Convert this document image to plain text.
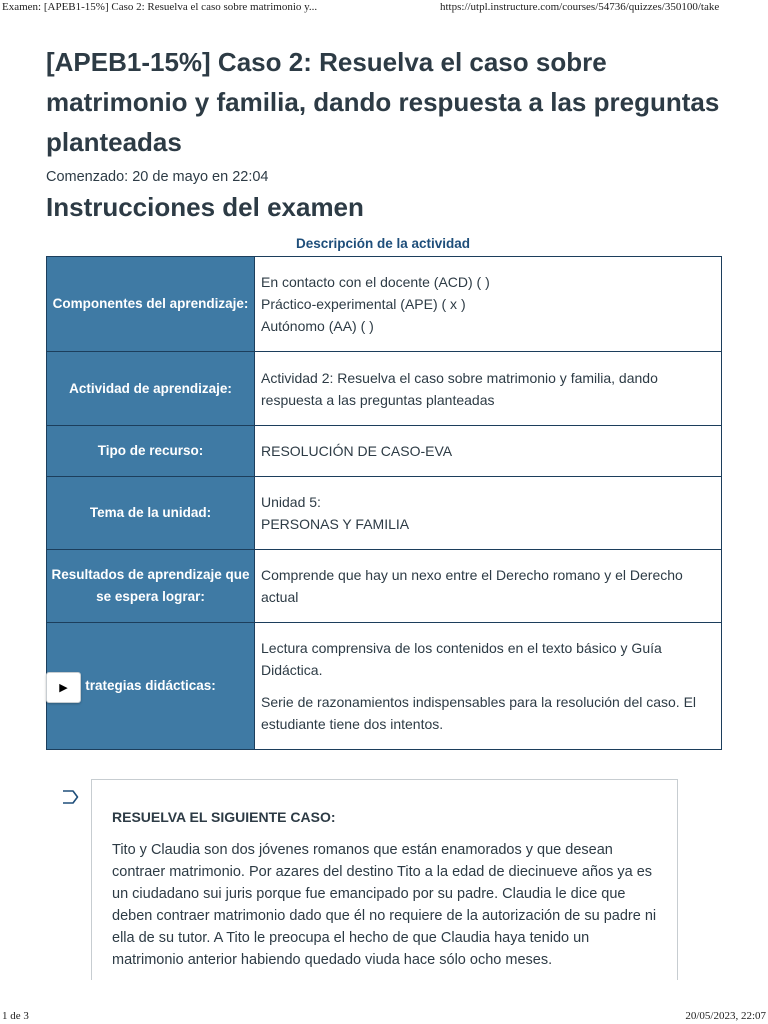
Examen: [APEB1-15%] Caso 2: Resuelva el caso sobre matrimonio y...	https://utpl.instructure.com/courses/54736/quizzes/350100/take
[APEB1-15%] Caso 2: Resuelva el caso sobre matrimonio y familia, dando respuesta a las preguntas planteadas
Comenzado: 20 de mayo en 22:04
Instrucciones del examen
Descripción de la actividad
Componentes del aprendizaje:	En contacto con el docente (ACD) ( )
Práctico-experimental (APE) ( x )
Autónomo (AA) ( )

Actividad de aprendizaje:	Actividad 2: Resuelva el caso sobre matrimonio y familia, dando respuesta a las preguntas planteadas

Tipo de recurso:	RESOLUCIÓN DE CASO-EVA

Tema de la unidad:	Unidad 5:
PERSONAS Y FAMILIA

Resultados de aprendizaje que se espera lograr:	Comprende que hay un nexo entre el Derecho romano y el Derecho actual

trategias didácticas:	Lectura comprensiva de los contenidos en el texto básico y Guía Didáctica.

Serie de razonamientos indispensables para la resolución del caso. El estudiante tiene dos intentos.

▶
RESUELVA EL SIGUIENTE CASO:
Tito y Claudia son dos jóvenes romanos que están enamorados y que desean contraer matrimonio. Por azares del destino Tito a la edad de diecinueve años ya es un ciudadano sui juris porque fue emancipado por su padre. Claudia le dice que deben contraer matrimonio dado que él no requiere de la autorización de su padre ni ella de su tutor. A Tito le preocupa el hecho de que Claudia haya tenido un matrimonio anterior habiendo quedado viuda hace sólo ocho meses.
1 de 3	20/05/2023, 22:07
